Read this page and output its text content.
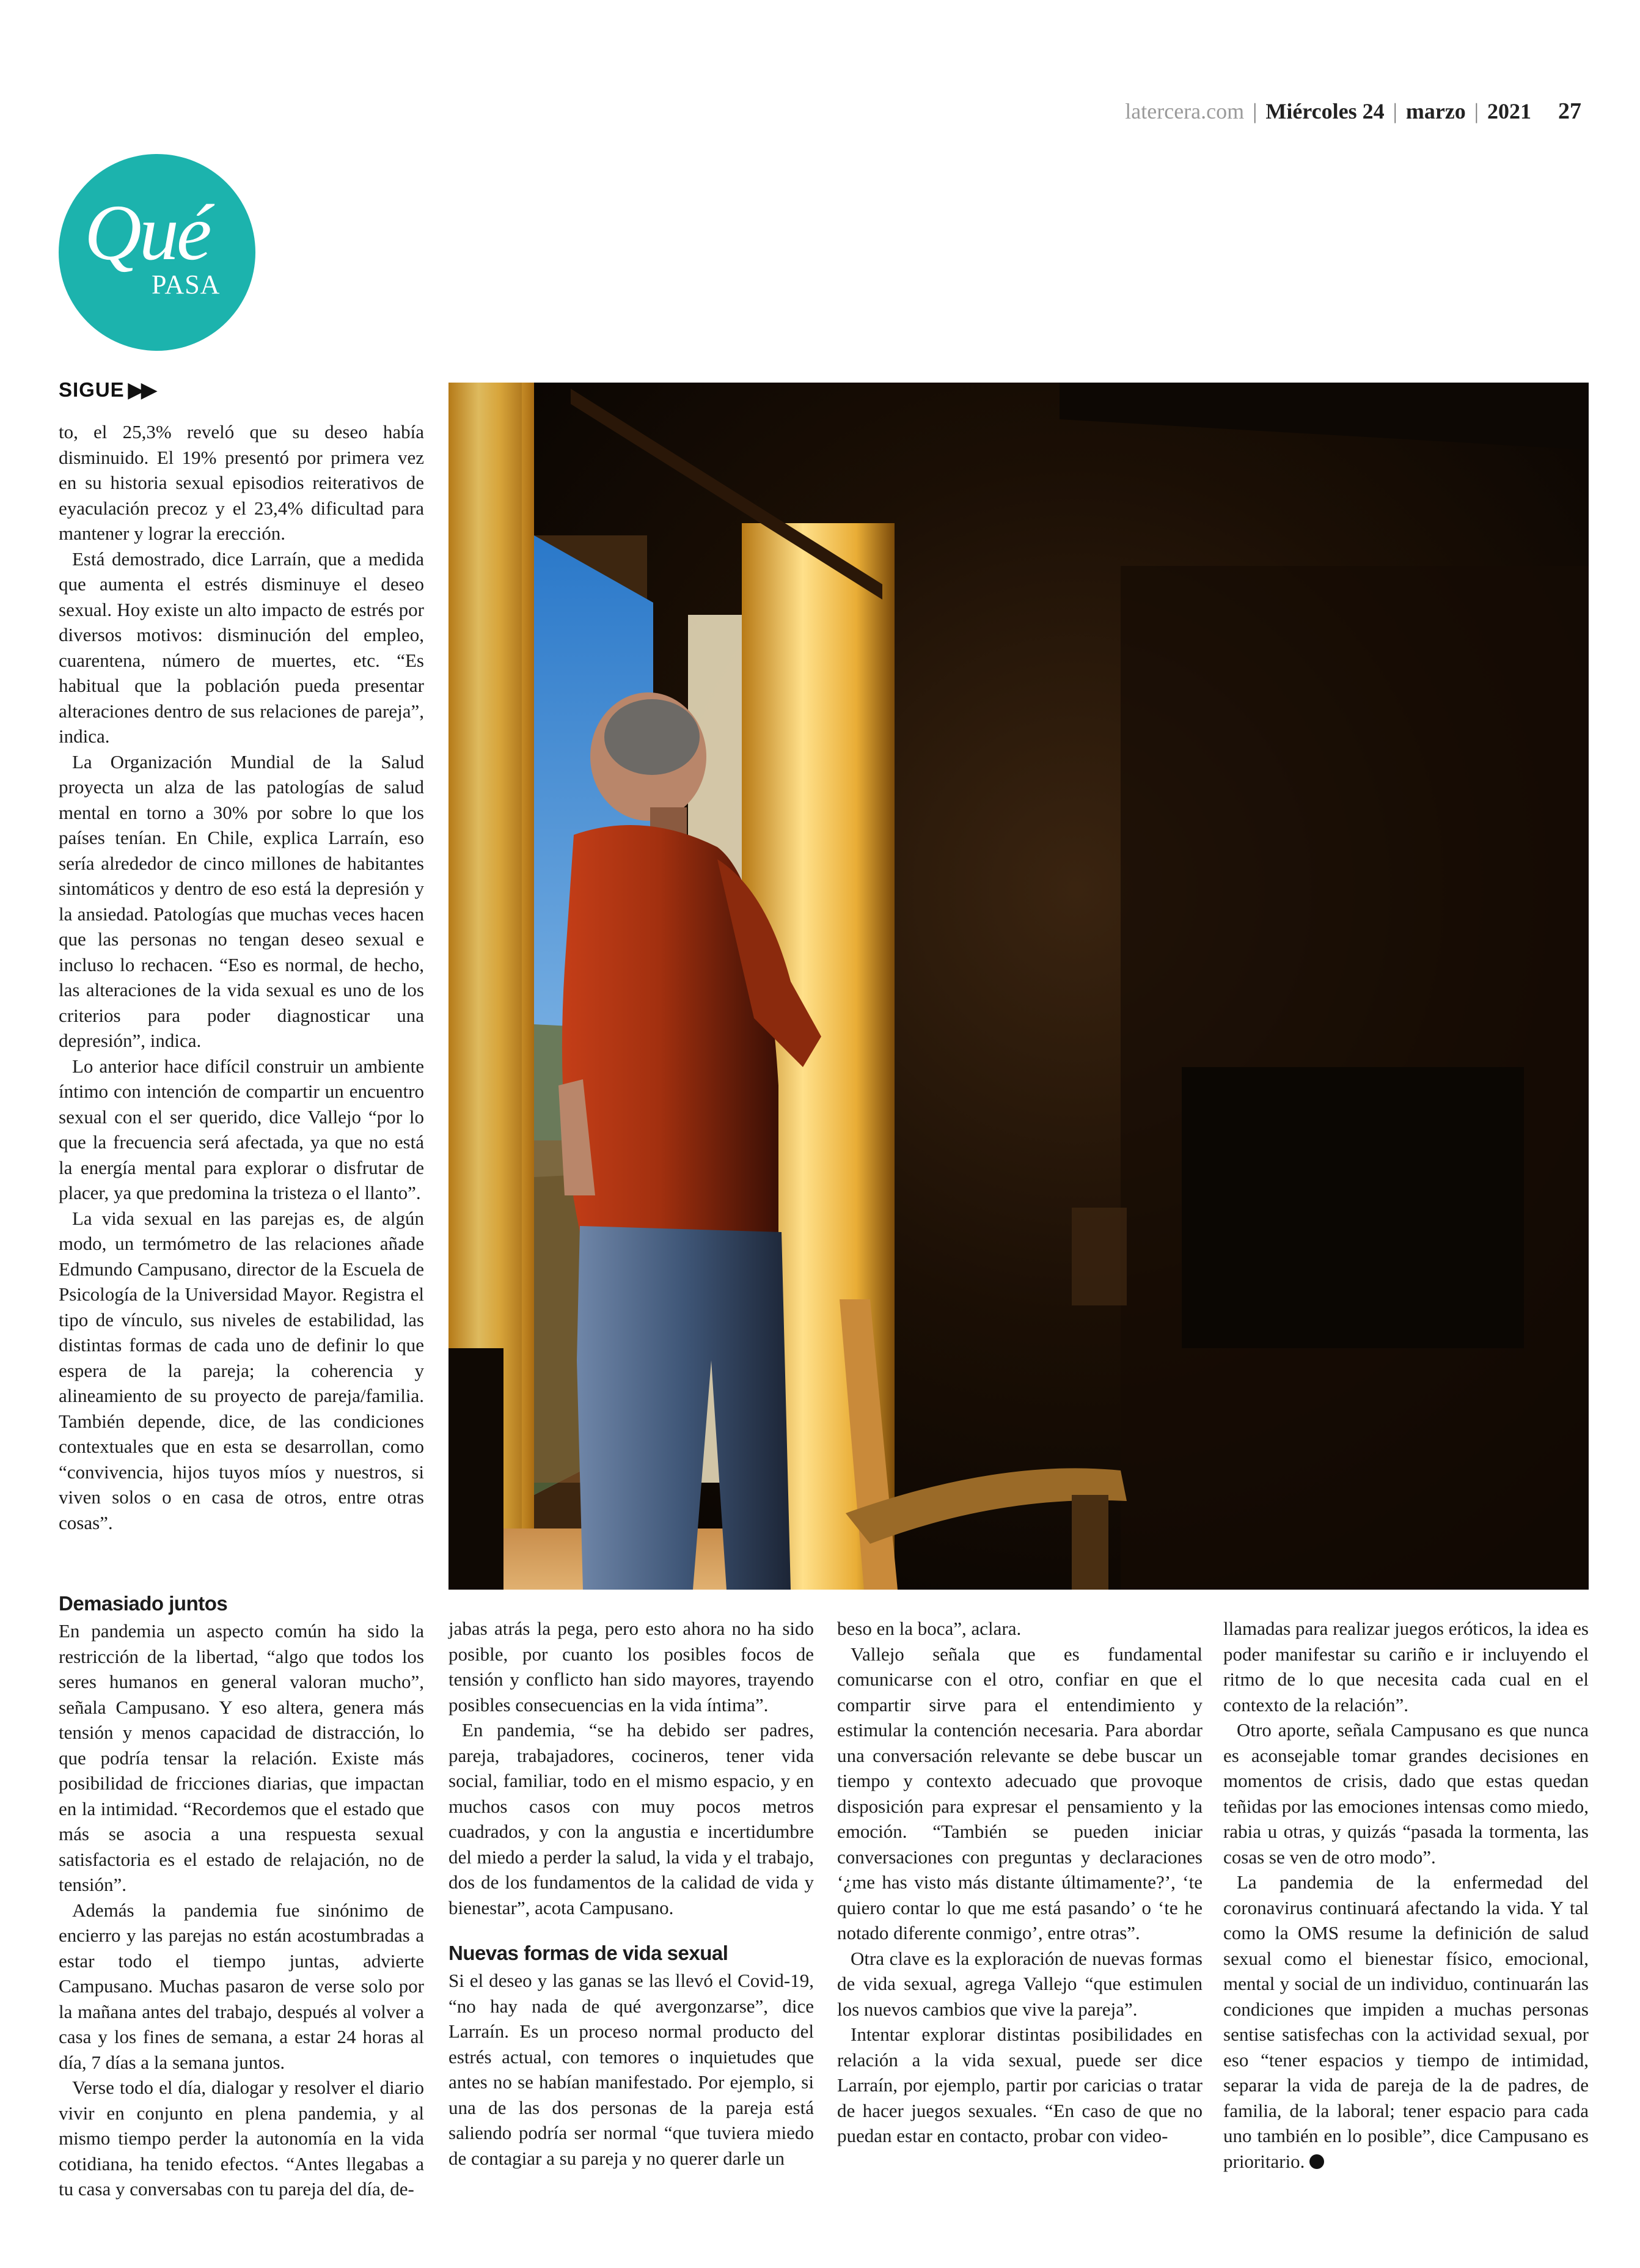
latercera.com | Miércoles 24 | marzo | 2021 27
Qué
PASA
SIGUE ▶▶

to, el 25,3% reveló que su deseo había disminuido. El 19% presentó por primera vez en su historia sexual episodios reiterativos de eyaculación precoz y el 23,4% dificultad para mantener y lograr la erección.

Está demostrado, dice Larraín, que a medida que aumenta el estrés disminuye el deseo sexual. Hoy existe un alto impacto de estrés por diversos motivos: disminución del empleo, cuarentena, número de muertes, etc. “Es habitual que la población pueda presentar alteraciones dentro de sus relaciones de pareja”, indica.

La Organización Mundial de la Salud proyecta un alza de las patologías de salud mental en torno a 30% por sobre lo que los países tenían. En Chile, explica Larraín, eso sería alrededor de cinco millones de habitantes sintomáticos y dentro de eso está la depresión y la ansiedad. Patologías que muchas veces hacen que las personas no tengan deseo sexual e incluso lo rechacen. “Eso es normal, de hecho, las alteraciones de la vida sexual es uno de los criterios para poder diagnosticar una depresión”, indica.

Lo anterior hace difícil construir un ambiente íntimo con intención de compartir un encuentro sexual con el ser querido, dice Vallejo “por lo que la frecuencia será afectada, ya que no está la energía mental para explorar o disfrutar de placer, ya que predomina la tristeza o el llanto”.

La vida sexual en las parejas es, de algún modo, un termómetro de las relaciones añade Edmundo Campusano, director de la Escuela de Psicología de la Universidad Mayor. Registra el tipo de vínculo, sus niveles de estabilidad, las distintas formas de cada uno de definir lo que espera de la pareja; la coherencia y alineamiento de su proyecto de pareja/familia. También depende, dice, de las condiciones contextuales que en esta se desarrollan, como “convivencia, hijos tuyos míos y nuestros, si viven solos o en casa de otros, entre otras cosas”.

Demasiado juntos

En pandemia un aspecto común ha sido la restricción de la libertad, “algo que todos los seres humanos en general valoran mucho”, señala Campusano. Y eso altera, genera más tensión y menos capacidad de distracción, lo que podría tensar la relación. Existe más posibilidad de fricciones diarias, que impactan en la intimidad. “Recordemos que el estado que más se asocia a una respuesta sexual satisfactoria es el estado de relajación, no de tensión”.

Además la pandemia fue sinónimo de encierro y las parejas no están acostumbradas a estar todo el tiempo juntas, advierte Campusano. Muchas pasaron de verse solo por la mañana antes del trabajo, después al volver a casa y los fines de semana, a estar 24 horas al día, 7 días a la semana juntos.

Verse todo el día, dialogar y resolver el diario vivir en conjunto en plena pandemia, y al mismo tiempo perder la autonomía en la vida cotidiana, ha tenido efectos. “Antes llegabas a tu casa y conversabas con tu pareja del día, de-

jabas atrás la pega, pero esto ahora no ha sido posible, por cuanto los posibles focos de tensión y conflicto han sido mayores, trayendo posibles consecuencias en la vida íntima”.

En pandemia, “se ha debido ser padres, pareja, trabajadores, cocineros, tener vida social, familiar, todo en el mismo espacio, y en muchos casos con muy pocos metros cuadrados, y con la angustia e incertidumbre del miedo a perder la salud, la vida y el trabajo, dos de los fundamentos de la calidad de vida y bienestar”, acota Campusano.

Nuevas formas de vida sexual

Si el deseo y las ganas se las llevó el Covid-19, “no hay nada de qué avergonzarse”, dice Larraín. Es un proceso normal producto del estrés actual, con temores o inquietudes que antes no se habían manifestado. Por ejemplo, si una de las dos personas de la pareja está saliendo podría ser normal “que tuviera miedo de contagiar a su pareja y no querer darle un

beso en la boca”, aclara.

Vallejo señala que es fundamental comunicarse con el otro, confiar en que el compartir sirve para el entendimiento y estimular la contención necesaria. Para abordar una conversación relevante se debe buscar un tiempo y contexto adecuado que provoque disposición para expresar el pensamiento y la emoción. “También se pueden iniciar conversaciones con preguntas y declaraciones ‘¿me has visto más distante últimamente?’, ‘te quiero contar lo que me está pasando’ o ‘te he notado diferente conmigo’, entre otras”.

Otra clave es la exploración de nuevas formas de vida sexual, agrega Vallejo “que estimulen los nuevos cambios que vive la pareja”.

Intentar explorar distintas posibilidades en relación a la vida sexual, puede ser dice Larraín, por ejemplo, partir por caricias o tratar de hacer juegos sexuales. “En caso de que no puedan estar en contacto, probar con video-

llamadas para realizar juegos eróticos, la idea es poder manifestar su cariño e ir incluyendo el ritmo de lo que necesita cada cual en el contexto de la relación”.

Otro aporte, señala Campusano es que nunca es aconsejable tomar grandes decisiones en momentos de crisis, dado que estas quedan teñidas por las emociones intensas como miedo, rabia u otras, y quizás “pasada la tormenta, las cosas se ven de otro modo”.

La pandemia de la enfermedad del coronavirus continuará afectando la vida. Y tal como la OMS resume la definición de salud sexual como el bienestar físico, emocional, mental y social de un individuo, continuarán las condiciones que impiden a muchas personas sentise satisfechas con la actividad sexual, por eso “tener espacios y tiempo de intimidad, separar la vida de pareja de la de padres, de familia, de la laboral; tener espacio para cada uno también en lo posible”, dice Campusano es prioritario.
